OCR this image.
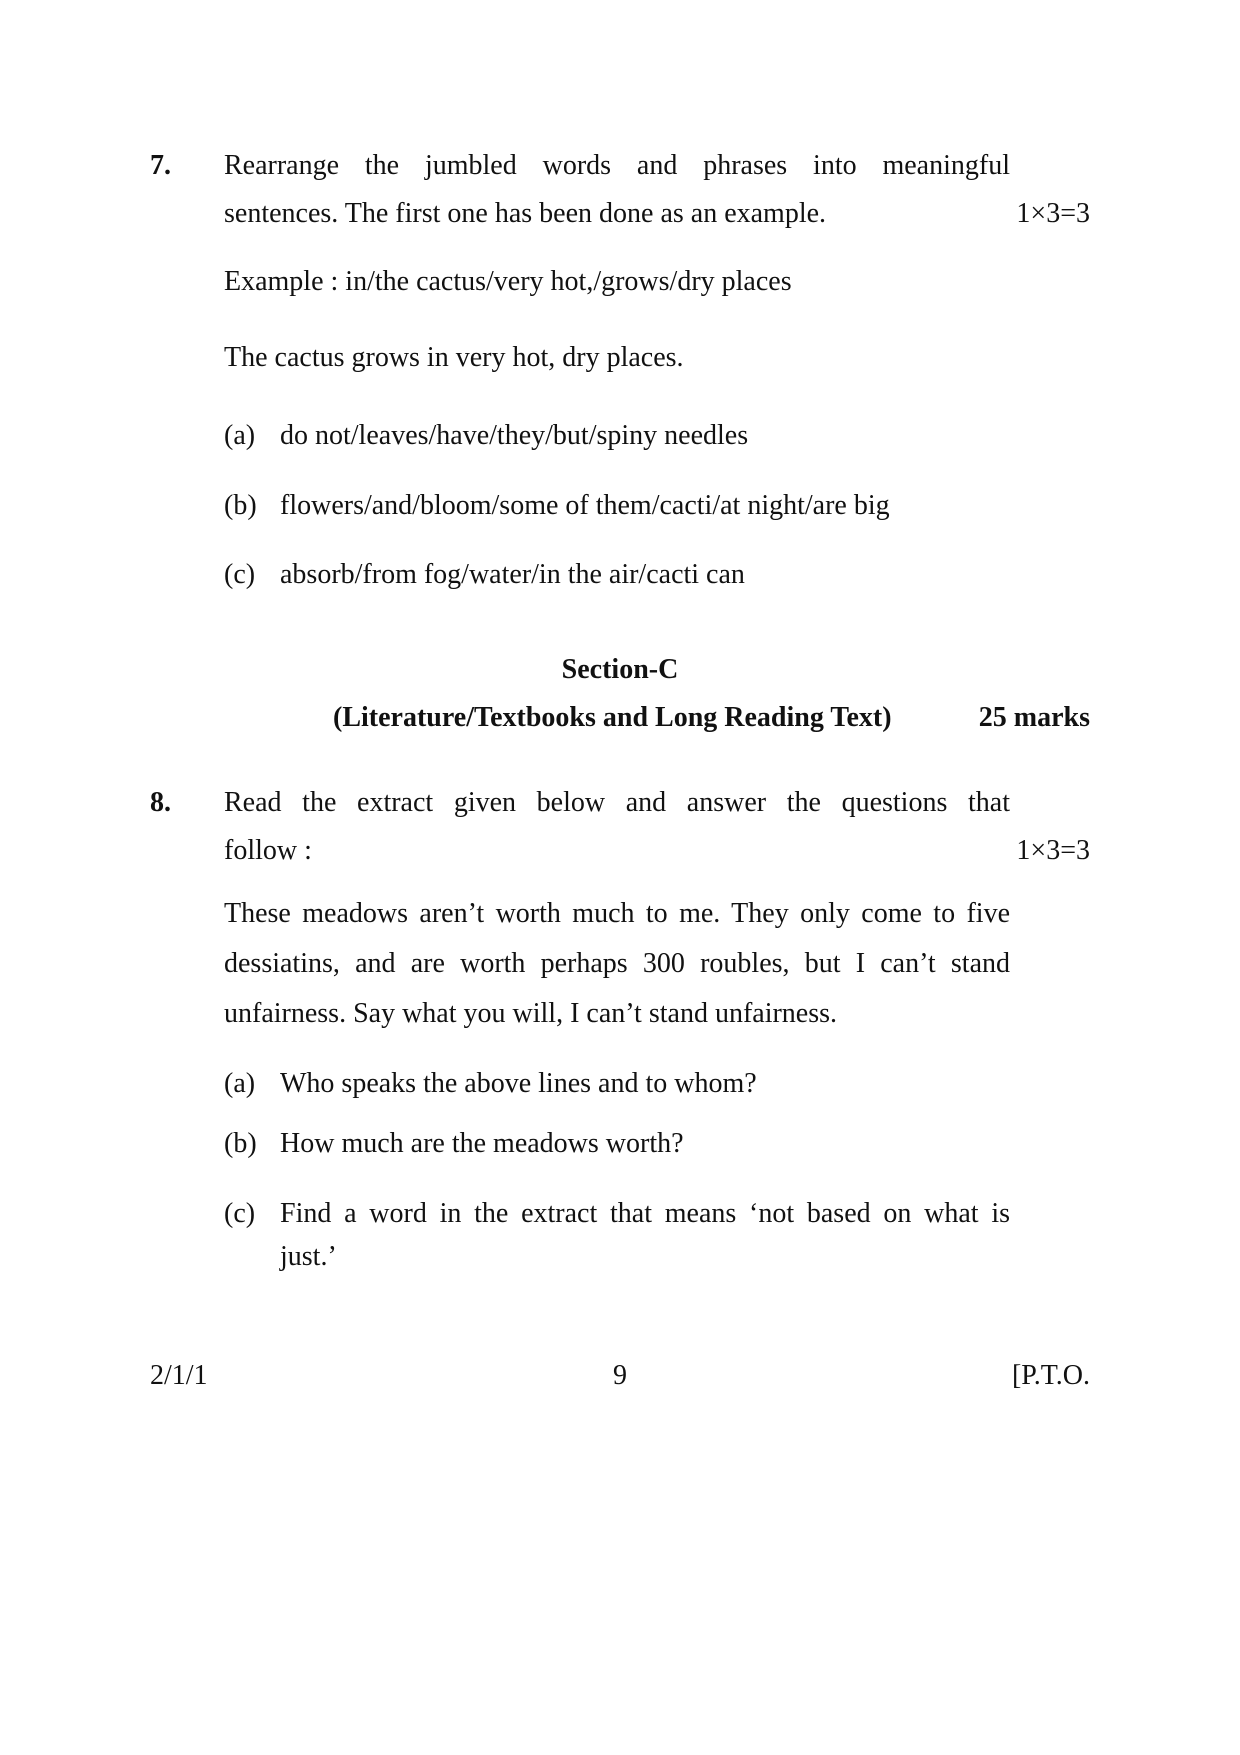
7. Rearrange the jumbled words and phrases into meaningful
sentences. The first one has been done as an example.	1×3=3
Example : in/the cactus/very hot,/grows/dry places
The cactus grows in very hot, dry places.
(a) do not/leaves/have/they/but/spiny needles
(b) flowers/and/bloom/some of them/cacti/at night/are big
(c) absorb/from fog/water/in the air/cacti can
Section-C
(Literature/Textbooks and Long Reading Text)	25 marks
8. Read the extract given below and answer the questions that
follow :	1×3=3
These meadows aren’t worth much to me. They only come to five
dessiatins, and are worth perhaps 300 roubles, but I can’t stand
unfairness. Say what you will, I can’t stand unfairness.
(a) Who speaks the above lines and to whom?
(b) How much are the meadows worth?
(c) Find a word in the extract that means ‘not based on what is
just.’
2/1/1	9	[P.T.O.
